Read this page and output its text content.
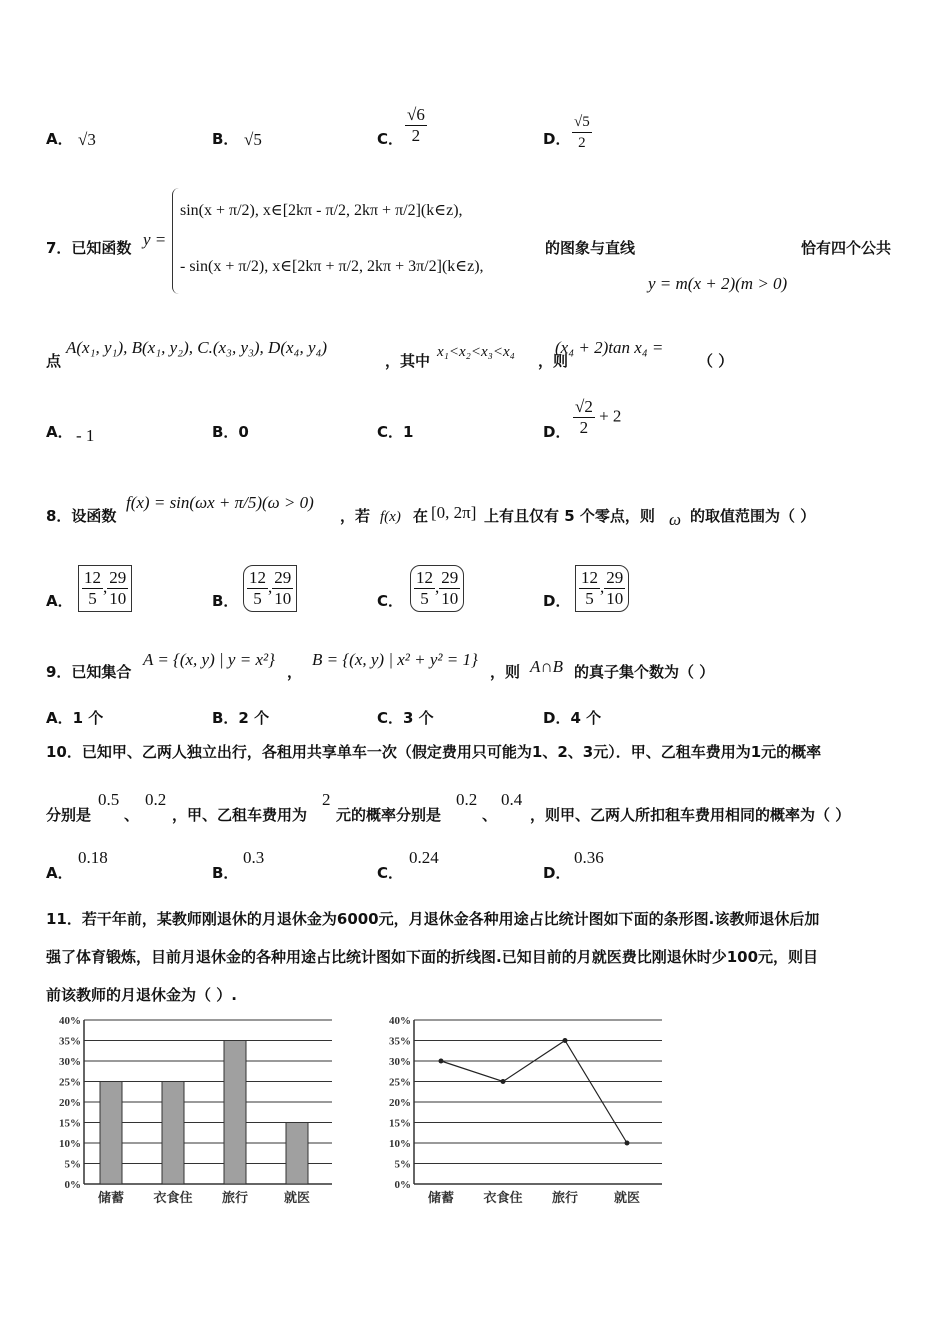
A． √3	B． √5	C． $\frac{√6}{2}$	D． $\frac{√5}{2}$
7．已知函数 y =
sin(x + π/2), x∈[2kπ - π/2, 2kπ + π/2](k∈z),
- sin(x + π/2), x∈[2kπ + π/2, 2kπ + 3π/2](k∈z),
的图象与直线	恰有四个公共
y = m(x + 2)(m > 0)
点
A(x₁, y₁), B(x₁, y₂), C.(x₃, y₃), D(x₄, y₄)
，其中 x₁<x₂<x₃<x₄ ，则
(x₄ + 2)tan x₄ =
（ ）
A． - 1	B．0	C．1	D． $\frac{√2}{2} + 2$
8．设函数
f(x) = sin(ωx + π/5)(ω > 0)
，若 f(x) 在 [0, 2π] 上有且仅有 5 个零点，则 ω 的取值范围为（ ）
A． $\frac{12}{5}$ , $\frac{29}{10}$	B． $\frac{12}{5}$ , $\frac{29}{10}$	C． $\frac{12}{5}$ , $\frac{29}{10}$	D． $\frac{12}{5}$ , $\frac{29}{10}$
9．已知集合
A = {(x, y) | y = x²}
，
B = {(x, y) | x² + y² = 1}
，则 A∩B 的真子集个数为（ ）
A．1 个	B．2 个	C．3 个	D．4 个
10．已知甲、乙两人独立出行，各租用共享单车一次（假定费用只可能为1、2、3元）．甲、乙租车费用为1元的概率
分别是
0.5
、
0.2
，甲、乙租车费用为
2
元的概率分别是
0.2
、
0.4
，则甲、乙两人所扣租车费用相同的概率为（ ）
A．
0.18
B．
0.3
C．
0.24
D．
0.36
11．若干年前，某教师刚退休的月退休金为6000元，月退休金各种用途占比统计图如下面的条形图.该教师退休后加
强了体育锻炼，目前月退休金的各种用途占比统计图如下面的折线图.已知目前的月就医费比刚退休时少100元，则目
前该教师的月退休金为（ ）.
0%
5%
10%
15%
20%
25%
30%
35%
40%
储蓄 衣食住 旅行	就医
0%
5%
10%
15%
20%
25%
30%
35%
40%
储蓄 衣食住 旅行	就医
